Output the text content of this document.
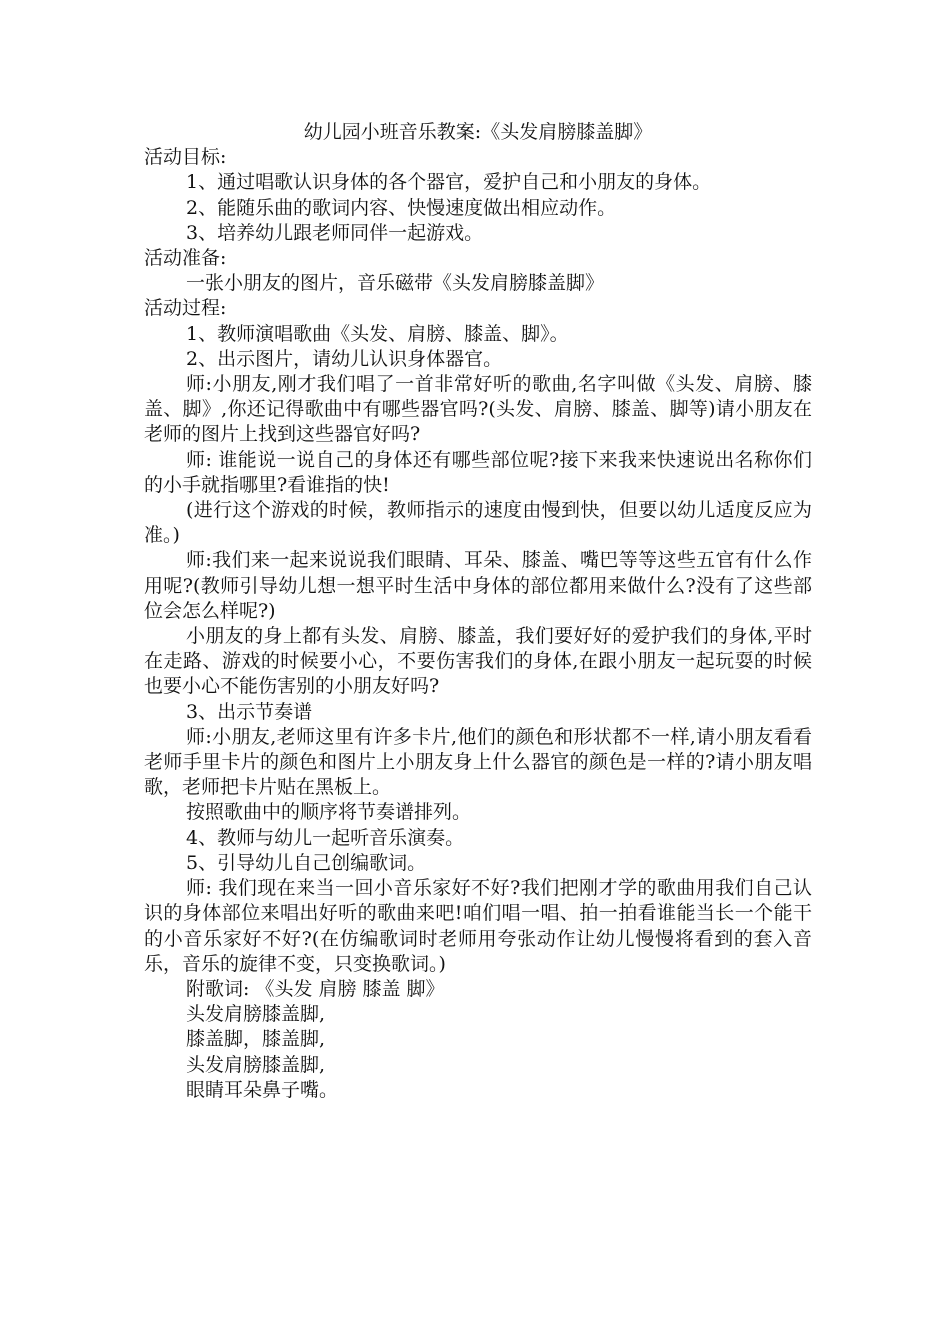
幼儿园小班音乐教案:《头发肩膀膝盖脚》

活动目标:

1、通过唱歌认识身体的各个器官，爱护自己和小朋友的身体。

2、能随乐曲的歌词内容、快慢速度做出相应动作。

3、培养幼儿跟老师同伴一起游戏。

活动准备:

一张小朋友的图片，音乐磁带《头发肩膀膝盖脚》

活动过程:

1、教师演唱歌曲《头发、肩膀、膝盖、脚》。

2、出示图片，请幼儿认识身体器官。

师:小朋友,刚才我们唱了一首非常好听的歌曲,名字叫做《头发、肩膀、膝盖、脚》,你还记得歌曲中有哪些器官吗?(头发、肩膀、膝盖、脚等)请小朋友在老师的图片上找到这些器官好吗?

师: 谁能说一说自己的身体还有哪些部位呢?接下来我来快速说出名称你们的小手就指哪里?看谁指的快!

(进行这个游戏的时候，教师指示的速度由慢到快，但要以幼儿适度反应为准。)

师:我们来一起来说说我们眼睛、耳朵、膝盖、嘴巴等等这些五官有什么作用呢?(教师引导幼儿想一想平时生活中身体的部位都用来做什么?没有了这些部位会怎么样呢?)

小朋友的身上都有头发、肩膀、膝盖，我们要好好的爱护我们的身体,平时在走路、游戏的时候要小心，不要伤害我们的身体,在跟小朋友一起玩耍的时候也要小心不能伤害别的小朋友好吗?

3、出示节奏谱

师:小朋友,老师这里有许多卡片,他们的颜色和形状都不一样,请小朋友看看老师手里卡片的颜色和图片上小朋友身上什么器官的颜色是一样的?请小朋友唱歌，老师把卡片贴在黑板上。

按照歌曲中的顺序将节奏谱排列。

4、教师与幼儿一起听音乐演奏。

5、引导幼儿自己创编歌词。

师: 我们现在来当一回小音乐家好不好?我们把刚才学的歌曲用我们自己认识的身体部位来唱出好听的歌曲来吧!咱们唱一唱、拍一拍看谁能当长一个能干的小音乐家好不好?(在仿编歌词时老师用夸张动作让幼儿慢慢将看到的套入音乐，音乐的旋律不变，只变换歌词。)

附歌词: 《头发 肩膀 膝盖 脚》

头发肩膀膝盖脚,

膝盖脚，膝盖脚,

头发肩膀膝盖脚,

眼睛耳朵鼻子嘴。
